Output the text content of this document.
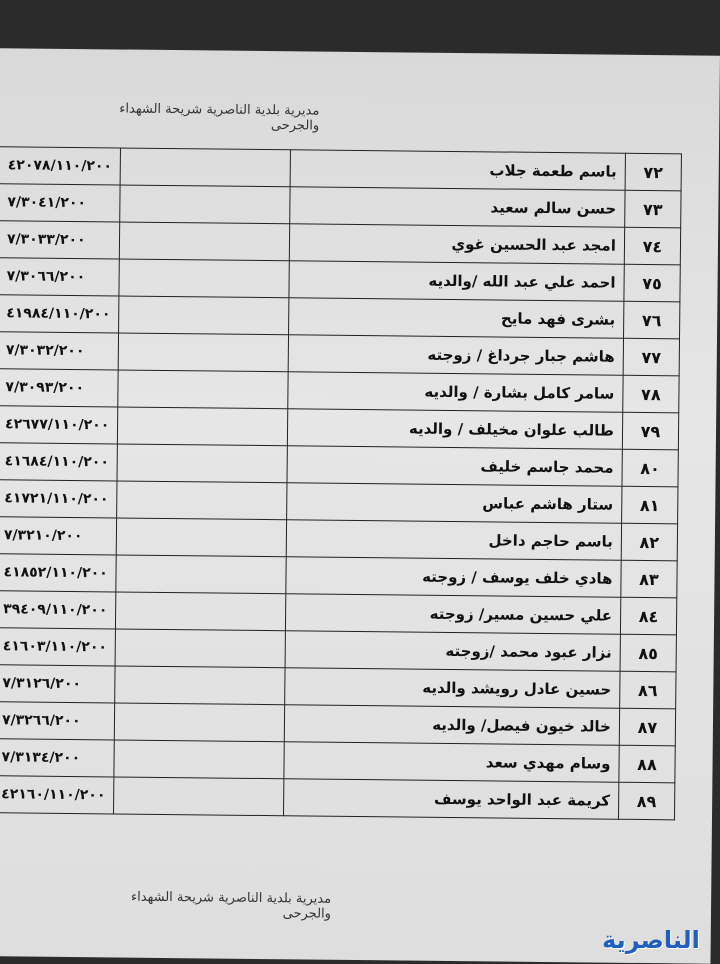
مديرية بلدية الناصرية شريحة الشهداء والجرحى
٧٢	باسم طعمة جلاب		٤٢٠٧٨/١١٠/٢٠٠
٧٣	حسن سالم سعيد		٧/٣٠٤١/٢٠٠
٧٤	امجد عبد الحسين غوي		٧/٣٠٣٣/٢٠٠
٧٥	احمد علي عبد الله /والديه		٧/٣٠٦٦/٢٠٠
٧٦	بشرى فهد مايح		٤١٩٨٤/١١٠/٢٠٠
٧٧	هاشم جبار جرداغ / زوجته		٧/٣٠٣٢/٢٠٠
٧٨	سامر كامل بشارة / والديه		٧/٣٠٩٣/٢٠٠
٧٩	طالب علوان مخيلف / والديه		٤٢٦٧٧/١١٠/٢٠٠
٨٠	محمد جاسم خليف		٤١٦٨٤/١١٠/٢٠٠
٨١	ستار هاشم عباس		٤١٧٢١/١١٠/٢٠٠
٨٢	باسم حاجم داخل		٧/٣٢١٠/٢٠٠
٨٣	هادي خلف يوسف / زوجته		٤١٨٥٢/١١٠/٢٠٠
٨٤	علي حسين مسير/ زوجته		٣٩٤٠٩/١١٠/٢٠٠
٨٥	نزار عبود محمد /زوجته		٤١٦٠٣/١١٠/٢٠٠
٨٦	حسين عادل رويشد والديه		٧/٣١٢٦/٢٠٠
٨٧	خالد خيون فيصل/ والديه		٧/٣٢٦٦/٢٠٠
٨٨	وسام مهدي سعد		٧/٣١٣٤/٢٠٠
٨٩	كريمة عبد الواحد يوسف		٤٢١٦٠/١١٠/٢٠٠
مديرية بلدية الناصرية شريحة الشهداء والجرحى
الناصرية
